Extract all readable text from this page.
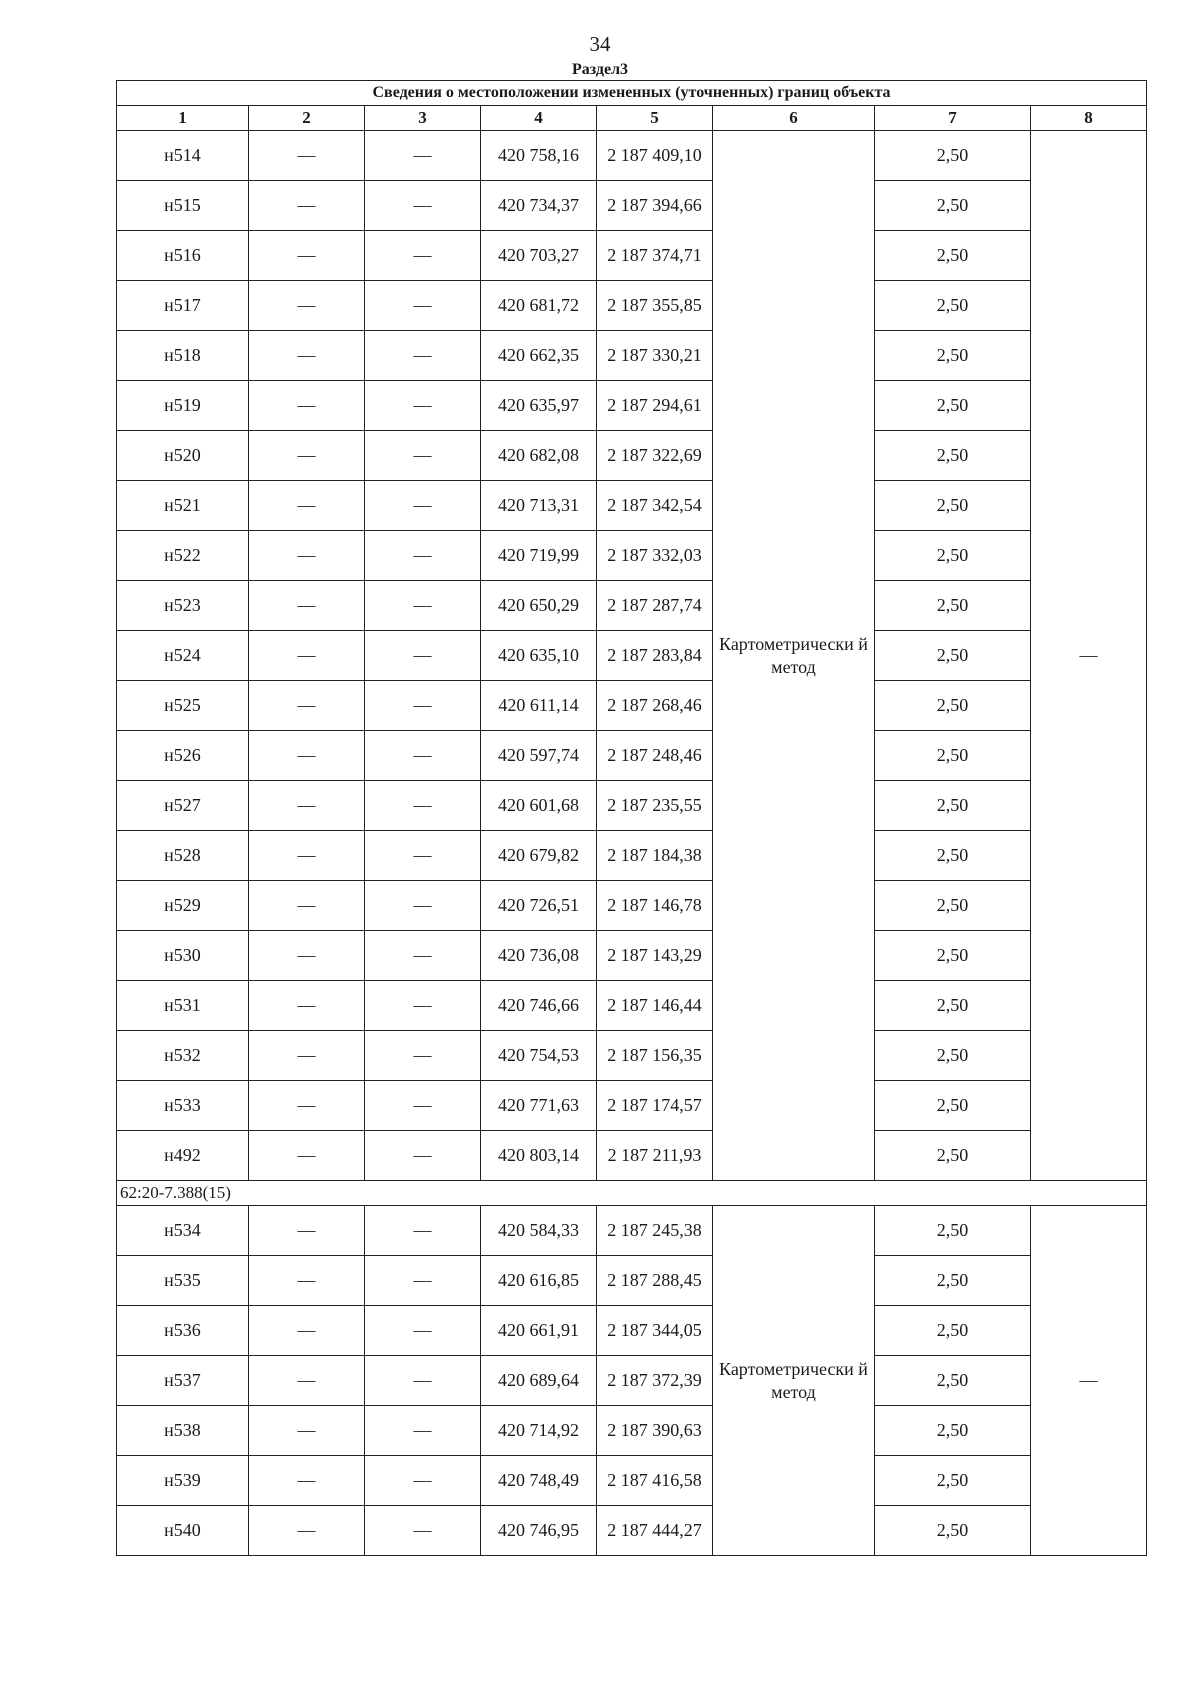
34
Раздел3
Сведения о местоположении измененных (уточненных) границ объекта							
1	2	3	4	5	6	7	8
н514	—	—	420 758,16	2 187 409,10	Картометрически й метод	2,50	—
н515	—	—	420 734,37	2 187 394,66		2,50	
н516	—	—	420 703,27	2 187 374,71		2,50	
н517	—	—	420 681,72	2 187 355,85		2,50	
н518	—	—	420 662,35	2 187 330,21		2,50	
н519	—	—	420 635,97	2 187 294,61		2,50	
н520	—	—	420 682,08	2 187 322,69		2,50	
н521	—	—	420 713,31	2 187 342,54		2,50	
н522	—	—	420 719,99	2 187 332,03		2,50	
н523	—	—	420 650,29	2 187 287,74		2,50	
н524	—	—	420 635,10	2 187 283,84		2,50	
н525	—	—	420 611,14	2 187 268,46		2,50	
н526	—	—	420 597,74	2 187 248,46		2,50	
н527	—	—	420 601,68	2 187 235,55		2,50	
н528	—	—	420 679,82	2 187 184,38		2,50	
н529	—	—	420 726,51	2 187 146,78		2,50	
н530	—	—	420 736,08	2 187 143,29		2,50	
н531	—	—	420 746,66	2 187 146,44		2,50	
н532	—	—	420 754,53	2 187 156,35		2,50	
н533	—	—	420 771,63	2 187 174,57		2,50	
н492	—	—	420 803,14	2 187 211,93		2,50	
62:20-7.388(15)							
н534	—	—	420 584,33	2 187 245,38	Картометрически й метод	2,50	—
н535	—	—	420 616,85	2 187 288,45		2,50	
н536	—	—	420 661,91	2 187 344,05		2,50	
н537	—	—	420 689,64	2 187 372,39		2,50	
н538	—	—	420 714,92	2 187 390,63		2,50	
н539	—	—	420 748,49	2 187 416,58		2,50	
н540	—	—	420 746,95	2 187 444,27		2,50	
